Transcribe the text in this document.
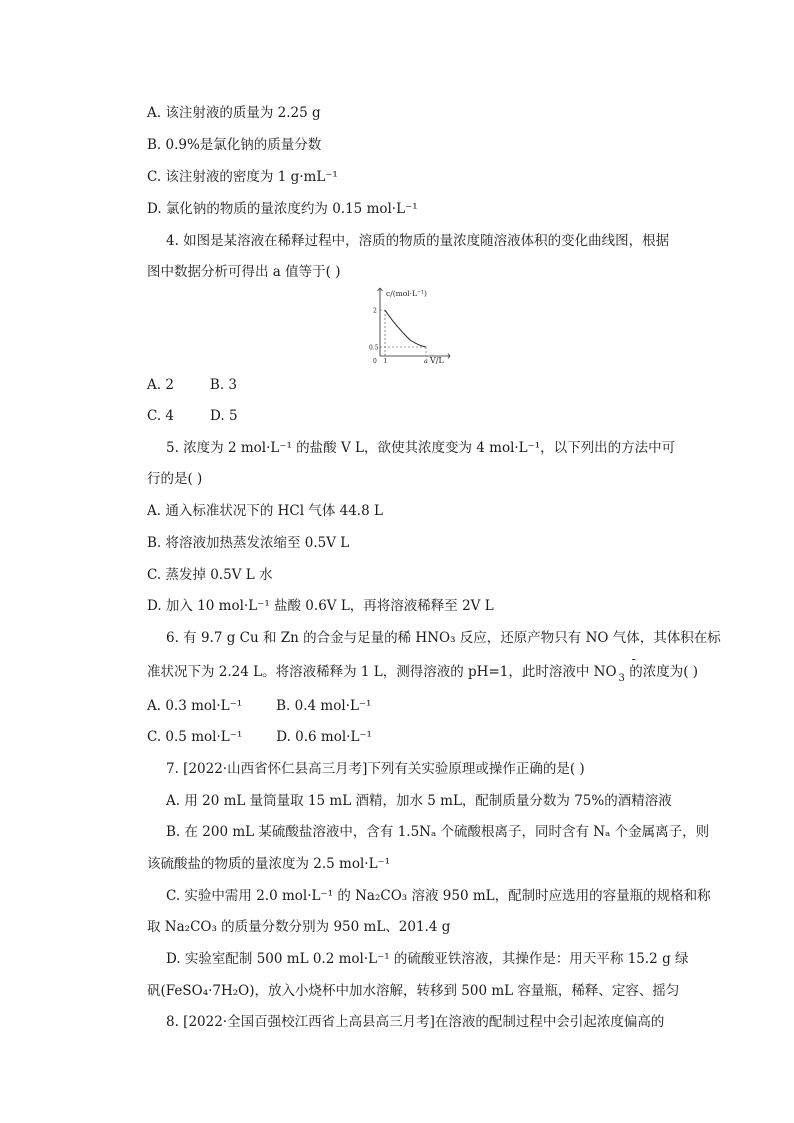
A. 该注射液的质量为 2.25 g
B. 0.9%是氯化钠的质量分数
C. 该注射液的密度为 1 g·mL⁻¹
D. 氯化钠的物质的量浓度约为 0.15 mol·L⁻¹
4. 如图是某溶液在稀释过程中，溶质的物质的量浓度随溶液体积的变化曲线图，根据
图中数据分析可得出 a 值等于( )
c/(mol·L⁻¹)
V/L
2
0.5
0 1	a
A. 2	B. 3
C. 4	D. 5
5. 浓度为 2 mol·L⁻¹ 的盐酸 V L，欲使其浓度变为 4 mol·L⁻¹，以下列出的方法中可
行的是( )
A. 通入标准状况下的 HCl 气体 44.8 L
B. 将溶液加热蒸发浓缩至 0.5V L
C. 蒸发掉 0.5V L 水
D. 加入 10 mol·L⁻¹ 盐酸 0.6V L，再将溶液稀释至 2V L
6. 有 9.7 g Cu 和 Zn 的合金与足量的稀 HNO₃ 反应，还原产物只有 NO 气体，其体积在标
准状况下为 2.24 L。将溶液稀释为 1 L，测得溶液的 pH=1，此时溶液中 NO
-
$_3$ 的浓度为( )
A. 0.3 mol·L⁻¹	B. 0.4 mol·L⁻¹
C. 0.5 mol·L⁻¹	D. 0.6 mol·L⁻¹
7. [2022·山西省怀仁县高三月考]下列有关实验原理或操作正确的是( )
A. 用 20 mL 量筒量取 15 mL 酒精，加水 5 mL，配制质量分数为 75%的酒精溶液
B. 在 200 mL 某硫酸盐溶液中，含有 1.5Nₐ 个硫酸根离子，同时含有 Nₐ 个金属离子，则
该硫酸盐的物质的量浓度为 2.5 mol·L⁻¹
C. 实验中需用 2.0 mol·L⁻¹ 的 Na₂CO₃ 溶液 950 mL，配制时应选用的容量瓶的规格和称
取 Na₂CO₃ 的质量分数分别为 950 mL、201.4 g
D. 实验室配制 500 mL 0.2 mol·L⁻¹ 的硫酸亚铁溶液，其操作是：用天平称 15.2 g 绿
矾(FeSO₄·7H₂O)，放入小烧杯中加水溶解，转移到 500 mL 容量瓶，稀释、定容、摇匀
8. [2022·全国百强校江西省上高县高三月考]在溶液的配制过程中会引起浓度偏高的
